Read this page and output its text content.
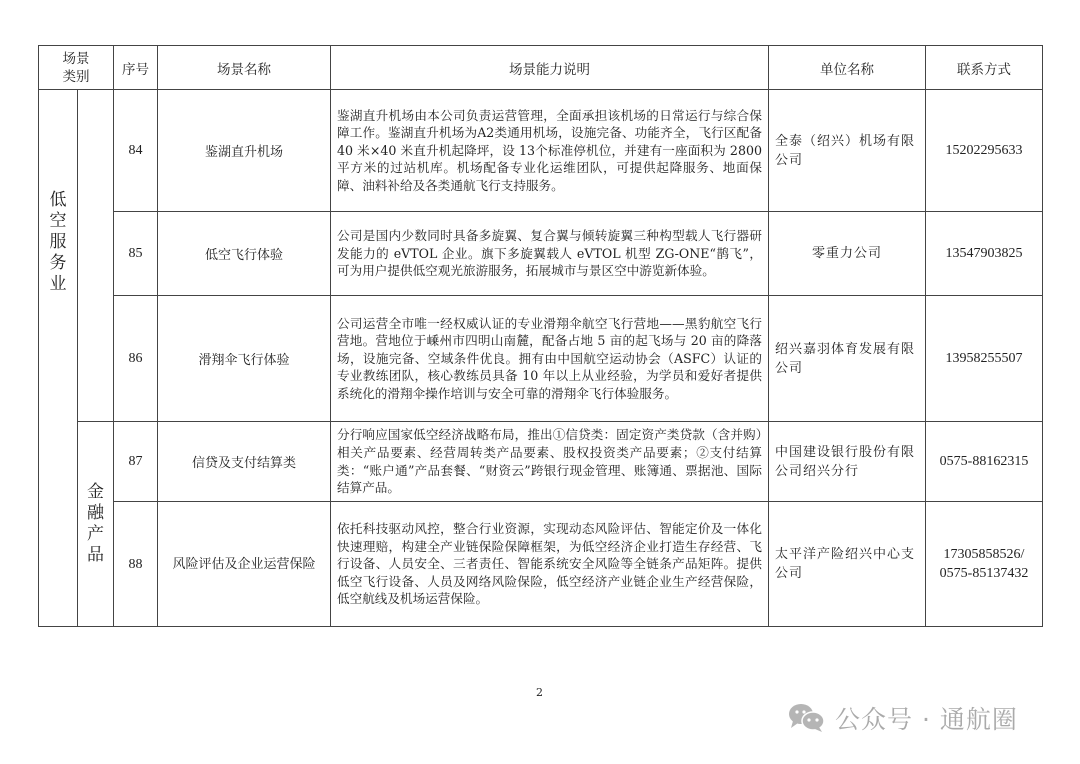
场景类别		序号	场景名称	场景能力说明	单位名称	联系方式

低空服务业		84	鉴湖直升机场	鉴湖直升机场由本公司负责运营管理，全面承担该机场的日常运行与综合保障工作。鉴湖直升机场为A2类通用机场，设施完备、功能齐全，飞行区配备 40 米×40 米直升机起降坪，设 13个标准停机位，并建有一座面积为 2800 平方米的过站机库。机场配备专业化运维团队，可提供起降服务、地面保障、油料补给及各类通航飞行支持服务。	全泰（绍兴）机场有限公司	15202295633
		85	低空飞行体验	公司是国内少数同时具备多旋翼、复合翼与倾转旋翼三种构型载人飞行器研发能力的 eVTOL 企业。旗下多旋翼载人 eVTOL 机型 ZG-ONE“鹊飞”，可为用户提供低空观光旅游服务，拓展城市与景区空中游览新体验。	零重力公司	13547903825
		86	滑翔伞飞行体验	公司运营全市唯一经权威认证的专业滑翔伞航空飞行营地——黑豹航空飞行营地。营地位于嵊州市四明山南麓，配备占地 5 亩的起飞场与 20 亩的降落场，设施完备、空域条件优良。拥有由中国航空运动协会（ASFC）认证的专业教练团队，核心教练员具备 10 年以上从业经验，为学员和爱好者提供系统化的滑翔伞操作培训与安全可靠的滑翔伞飞行体验服务。	绍兴嘉羽体育发展有限公司	13958255507

	金融产品	87	信贷及支付结算类	分行响应国家低空经济战略布局，推出①信贷类：固定资产类贷款（含并购）相关产品要素、经营周转类产品要素、股权投资类产品要素；②支付结算类：“账户通”产品套餐、“财资云”跨银行现金管理、账簿通、票据池、国际结算产品。	中国建设银行股份有限公司绍兴分行	0575-88162315
		88	风险评估及企业运营保险	依托科技驱动风控，整合行业资源，实现动态风险评估、智能定价及一体化快速理赔，构建全产业链保险保障框架，为低空经济企业打造生存经营、飞行设备、人员安全、三者责任、智能系统安全风险等全链条产品矩阵。提供低空飞行设备、人员及网络风险保险，低空经济产业链企业生产经营保险，低空航线及机场运营保险。	太平洋产险绍兴中心支公司	17305858526/
0575-85137432
2
公众号 · 通航圈
